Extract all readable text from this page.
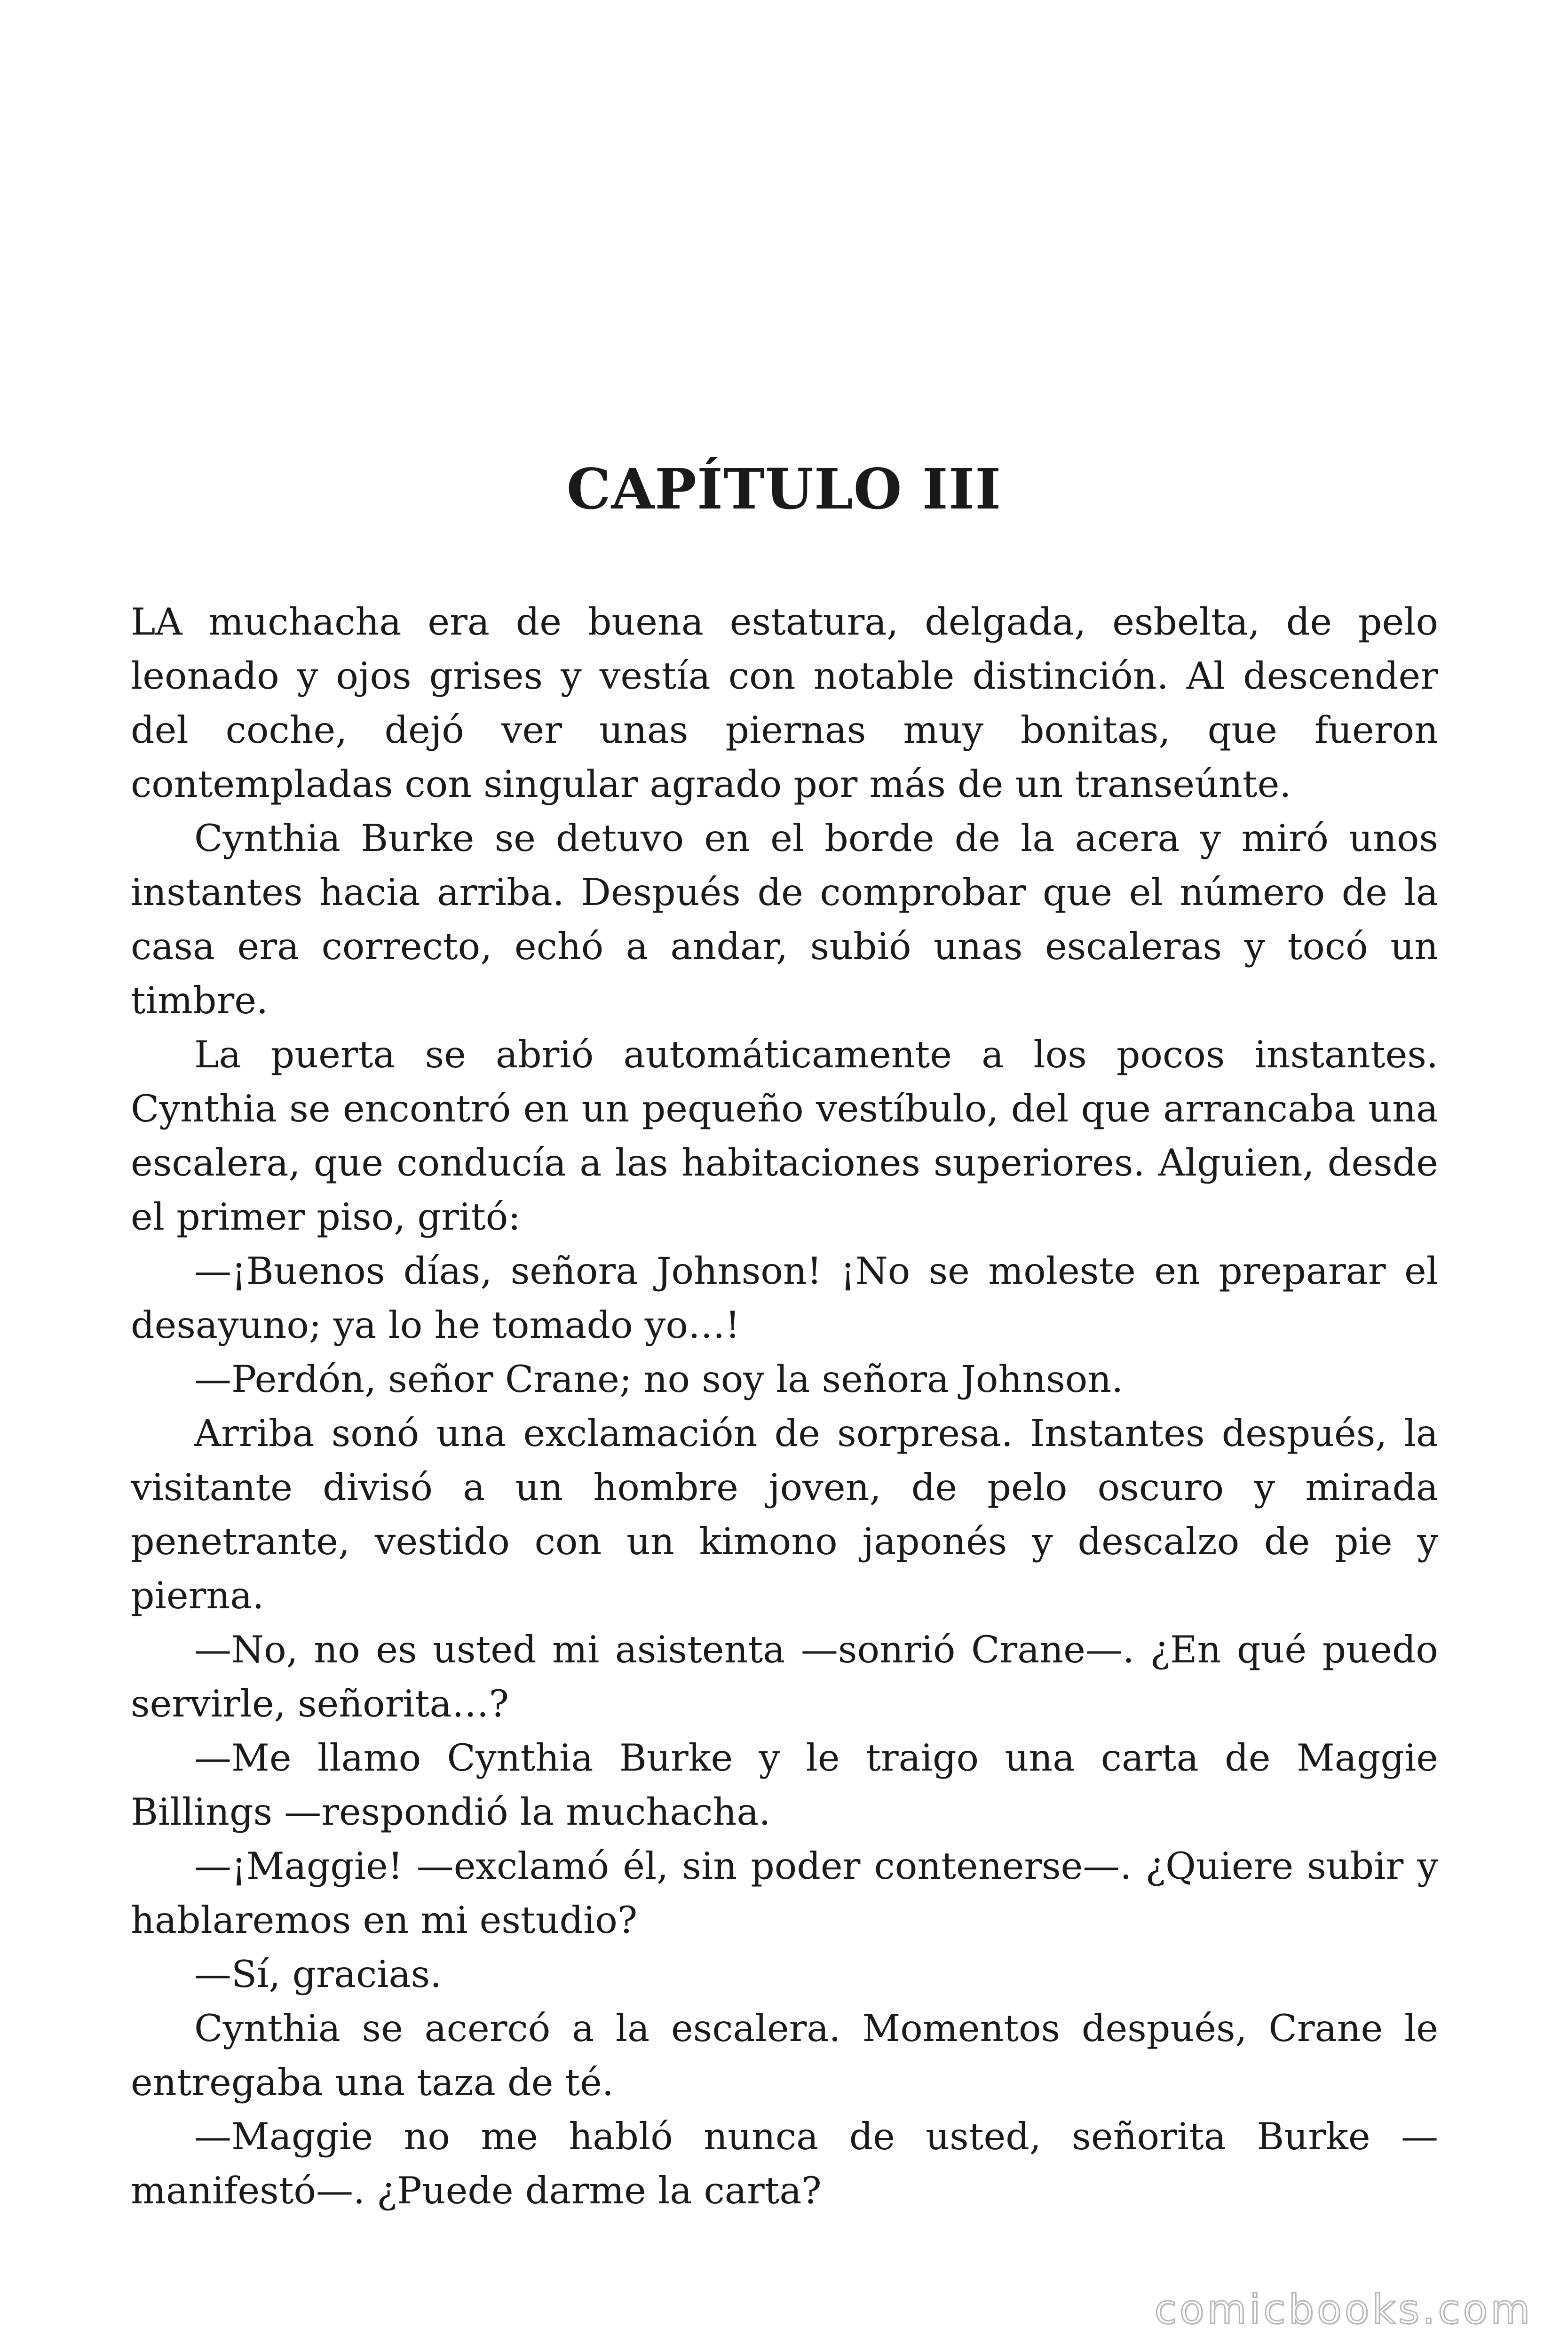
CAPÍTULO III

LA muchacha era de buena estatura, delgada, esbelta, de pelo leonado y ojos grises y vestía con notable distinción. Al descender del coche, dejó ver unas piernas muy bonitas, que fueron contempladas con singular agrado por más de un transeúnte.

Cynthia Burke se detuvo en el borde de la acera y miró unos instantes hacia arriba. Después de comprobar que el número de la casa era correcto, echó a andar, subió unas escaleras y tocó un timbre.

La puerta se abrió automáticamente a los pocos instantes. Cynthia se encontró en un pequeño vestíbulo, del que arrancaba una escalera, que conducía a las habitaciones superiores. Alguien, desde el primer piso, gritó:

—¡Buenos días, señora Johnson! ¡No se moleste en preparar el desayuno; ya lo he tomado yo…!

—Perdón, señor Crane; no soy la señora Johnson.

Arriba sonó una exclamación de sorpresa. Instantes después, la visitante divisó a un hombre joven, de pelo oscuro y mirada penetrante, vestido con un kimono japonés y descalzo de pie y pierna.

—No, no es usted mi asistenta —sonrió Crane—. ¿En qué puedo servirle, señorita…?

—Me llamo Cynthia Burke y le traigo una carta de Maggie Billings —respondió la muchacha.

—¡Maggie! —exclamó él, sin poder contenerse—. ¿Quiere subir y hablaremos en mi estudio?

—Sí, gracias.

Cynthia se acercó a la escalera. Momentos después, Crane le entregaba una taza de té.

—Maggie no me habló nunca de usted, señorita Burke —manifestó—. ¿Puede darme la carta?

comicbooks.com
